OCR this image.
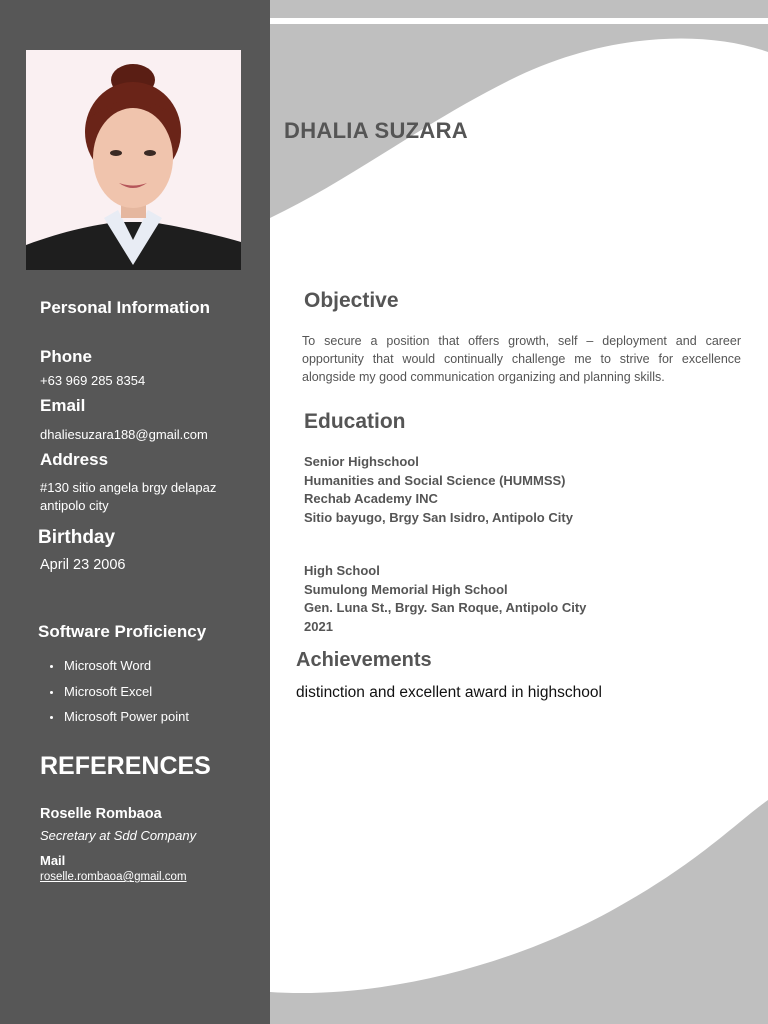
Personal Information
Phone
+63 969 285 8354
Email
dhaliesuzara188@gmail.com
Address
#130 sitio angela brgy delapaz
antipolo city
Birthday
April 23 2006
Software Proficiency
Microsoft Word
Microsoft Excel
Microsoft Power point
REFERENCES
Roselle Rombaoa
Secretary at Sdd Company
Mail
roselle.rombaoa@gmail.com
DHALIA SUZARA
Objective
To secure a position that offers growth, self – deployment and career opportunity that would continually challenge me to strive for excellence alongside my good communication organizing and planning skills.
Education
Senior Highschool
Humanities and Social Science (HUMMSS)
Rechab Academy INC
Sitio bayugo, Brgy San Isidro, Antipolo City
High School
Sumulong Memorial High School
Gen. Luna St., Brgy. San Roque, Antipolo City
2021
Achievements
distinction and excellent award in highschool
